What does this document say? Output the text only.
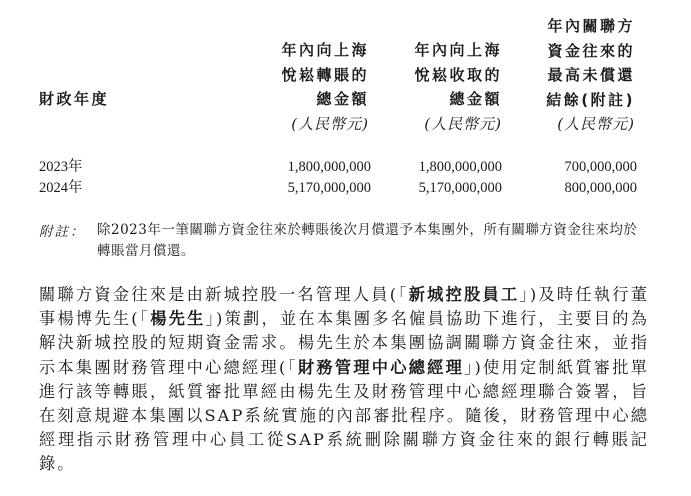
財政年度
年內向上海
悅崧轉賬的
總金額
(人民幣元)
年內向上海
悅崧收取的
總金額
(人民幣元)
年內關聯方
資金往來的
最高未償還
結餘(附註)
(人民幣元)
2023年	1,800,000,000	1,800,000,000	700,000,000
2024年	5,170,000,000	5,170,000,000	800,000,000
附註： 除2023年一筆關聯方資金往來於轉賬後次月償還予本集團外，所有關聯方資金往來均於轉賬當月償還。
關聯方資金往來是由新城控股一名管理人員(「新城控股員工」)及時任執行董事楊博先生(「楊先生」)策劃，並在本集團多名僱員協助下進行，主要目的為解決新城控股的短期資金需求。楊先生於本集團協調關聯方資金往來，並指示本集團財務管理中心總經理(「財務管理中心總經理」)使用定制紙質審批單進行該等轉賬，紙質審批單經由楊先生及財務管理中心總經理聯合簽署，旨在刻意規避本集團以SAP系統實施的內部審批程序。隨後，財務管理中心總經理指示財務管理中心員工從SAP系統刪除關聯方資金往來的銀行轉賬記錄。
